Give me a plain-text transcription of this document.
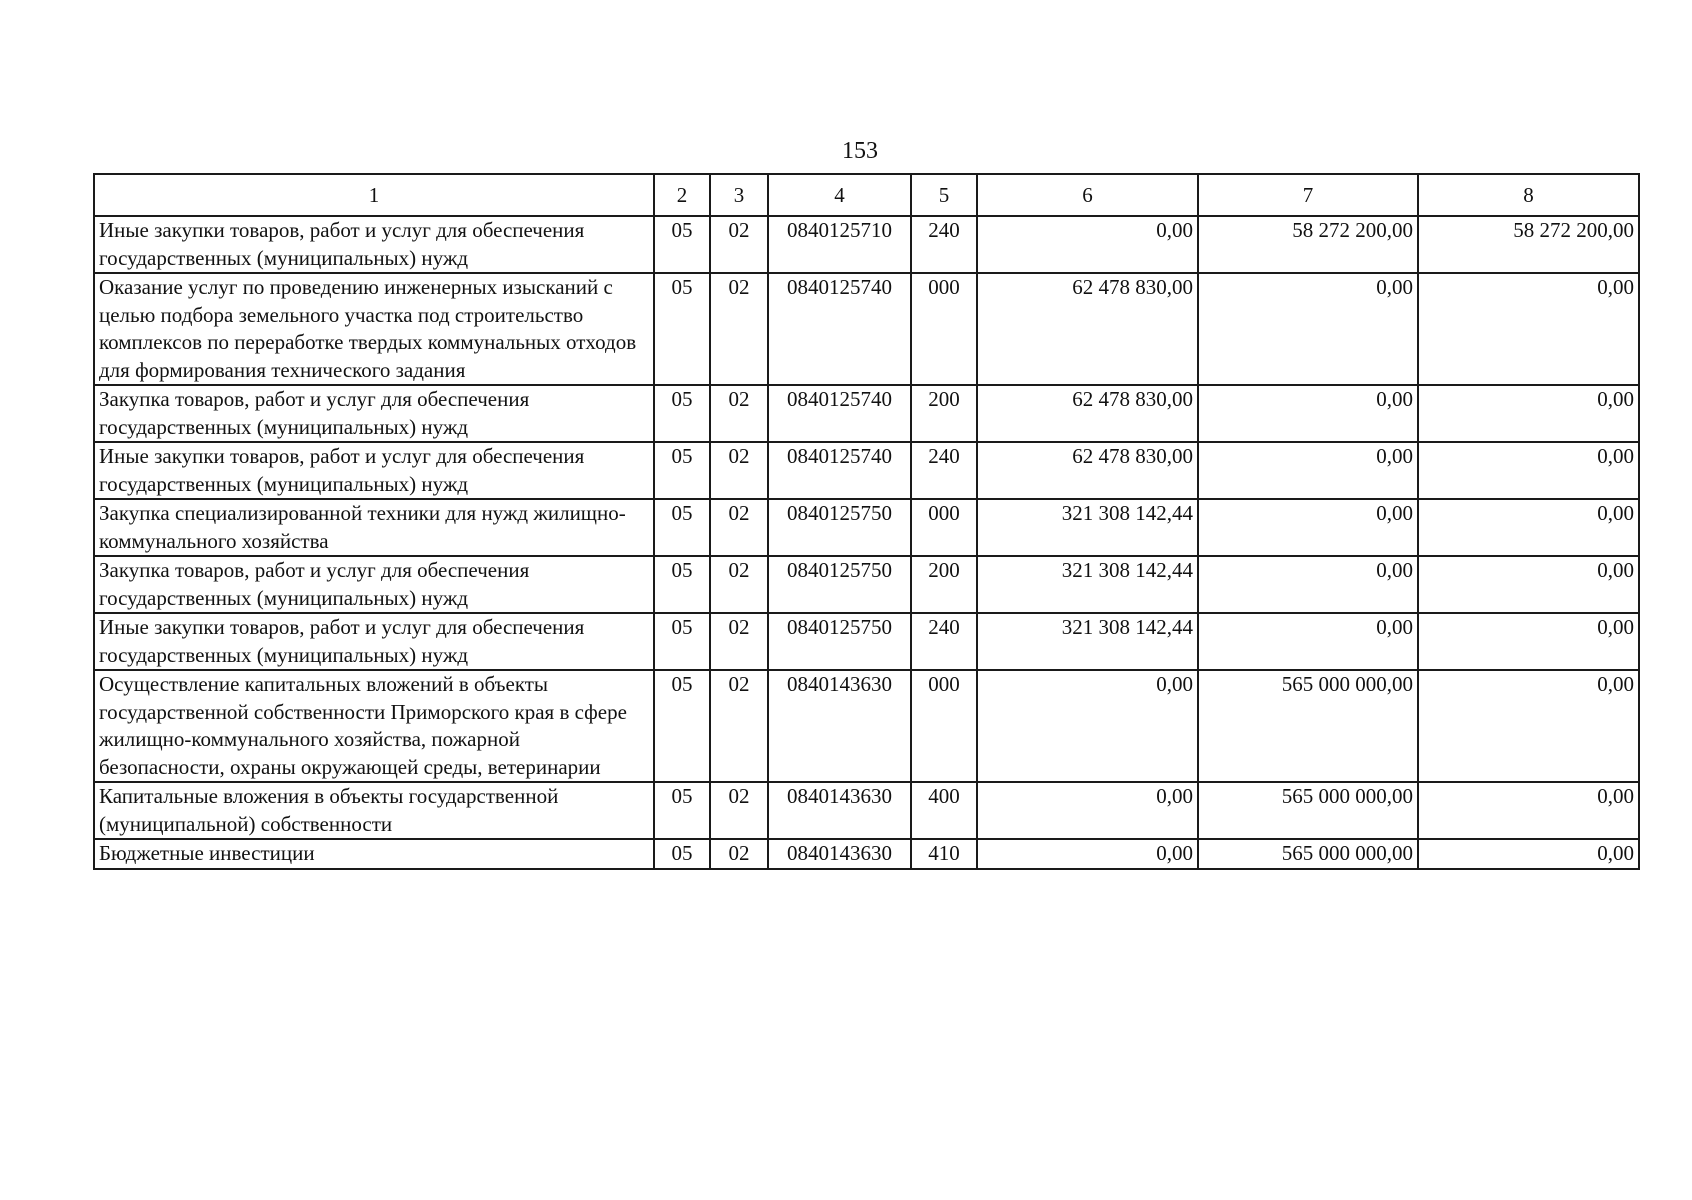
153
1	2	3	4	5	6	7	8
Иные закупки товаров, работ и услуг для обеспечения государственных (муниципальных) нужд	05	02	0840125710	240	0,00	58 272 200,00	58 272 200,00
Оказание услуг по проведению инженерных изысканий с целью подбора земельного участка под строительство комплексов по переработке твердых коммунальных отходов для формирования технического задания	05	02	0840125740	000	62 478 830,00	0,00	0,00
Закупка товаров, работ и услуг для обеспечения государственных (муниципальных) нужд	05	02	0840125740	200	62 478 830,00	0,00	0,00
Иные закупки товаров, работ и услуг для обеспечения государственных (муниципальных) нужд	05	02	0840125740	240	62 478 830,00	0,00	0,00
Закупка специализированной техники для нужд жилищно-коммунального хозяйства	05	02	0840125750	000	321 308 142,44	0,00	0,00
Закупка товаров, работ и услуг для обеспечения государственных (муниципальных) нужд	05	02	0840125750	200	321 308 142,44	0,00	0,00
Иные закупки товаров, работ и услуг для обеспечения государственных (муниципальных) нужд	05	02	0840125750	240	321 308 142,44	0,00	0,00
Осуществление капитальных вложений в объекты государственной собственности Приморского края в сфере жилищно-коммунального хозяйства, пожарной безопасности, охраны окружающей среды, ветеринарии	05	02	0840143630	000	0,00	565 000 000,00	0,00
Капитальные вложения в объекты государственной (муниципальной) собственности	05	02	0840143630	400	0,00	565 000 000,00	0,00
Бюджетные инвестиции	05	02	0840143630	410	0,00	565 000 000,00	0,00
